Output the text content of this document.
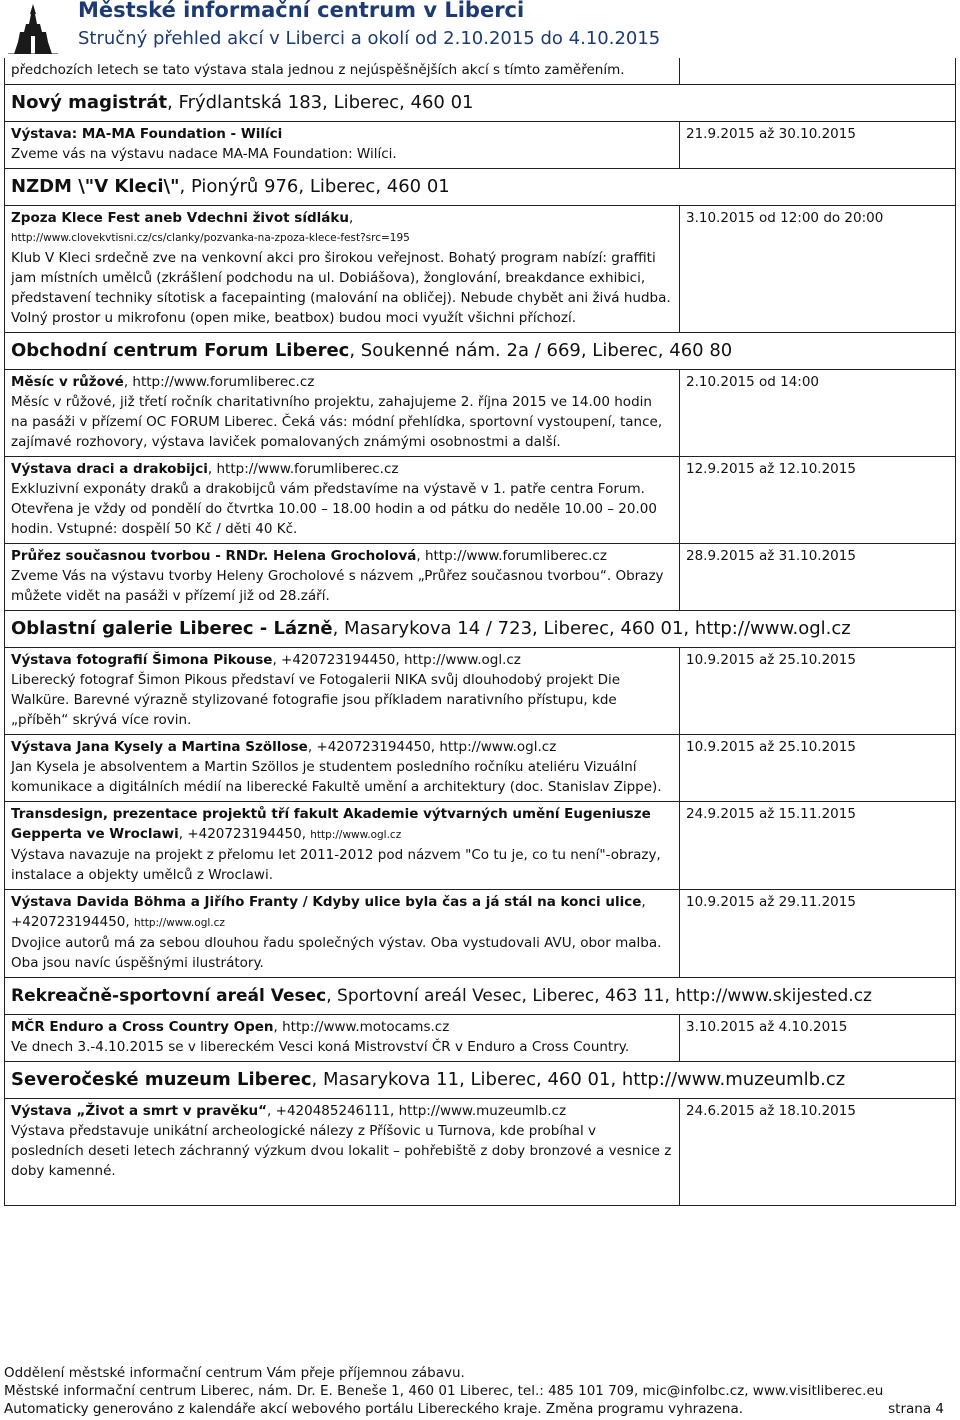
Městské informační centrum v Liberci
Stručný přehled akcí v Liberci a okolí od 2.10.2015 do 4.10.2015
předchozích letech se tato výstava stala jednou z nejúspěšnějších akcí s tímto zaměřením.
Nový magistrát, Frýdlantská 183, Liberec, 460 01
Výstava: MA-MA Foundation - Wilíci
Zveme vás na výstavu nadace MA-MA Foundation: Wilíci.
21.9.2015 až 30.10.2015
NZDM \"V Kleci\", Pionýrů 976, Liberec, 460 01
Zpoza Klece Fest aneb Vdechni život sídláku,
http://www.clovekvtisni.cz/cs/clanky/pozvanka-na-zpoza-klece-fest?src=195
Klub V Kleci srdečně zve na venkovní akci pro širokou veřejnost. Bohatý program nabízí: graffiti jam místních umělců (zkrášlení podchodu na ul. Dobiášova), žonglování, breakdance exhibici, představení techniky sítotisk a facepainting (malování na obličej). Nebude chybět ani živá hudba. Volný prostor u mikrofonu (open mike, beatbox) budou moci využít všichni příchozí.
3.10.2015 od 12:00 do 20:00
Obchodní centrum Forum Liberec, Soukenné nám. 2a / 669, Liberec, 460 80
Měsíc v růžové, http://www.forumliberec.cz
Měsíc v růžové, již třetí ročník charitativního projektu, zahajujeme 2. října 2015 ve 14.00 hodin na pasáži v přízemí OC FORUM Liberec. Čeká vás: módní přehlídka, sportovní vystoupení, tance, zajímavé rozhovory, výstava laviček pomalovaných známými osobnostmi a další.
2.10.2015 od 14:00
Výstava draci a drakobijci, http://www.forumliberec.cz
Exkluzivní exponáty draků a drakobijců vám představíme na výstavě v 1. patře centra Forum. Otevřena je vždy od pondělí do čtvrtka 10.00 – 18.00 hodin a od pátku do neděle 10.00 – 20.00 hodin. Vstupné: dospělí 50 Kč / děti 40 Kč.
12.9.2015 až 12.10.2015
Průřez současnou tvorbou - RNDr. Helena Grocholová, http://www.forumliberec.cz
Zveme Vás na výstavu tvorby Heleny Grocholové s názvem „Průřez současnou tvorbou“. Obrazy můžete vidět na pasáži v přízemí již od 28.září.
28.9.2015 až 31.10.2015
Oblastní galerie Liberec - Lázně, Masarykova 14 / 723, Liberec, 460 01, http://www.ogl.cz
Výstava fotografií Šimona Pikouse, +420723194450, http://www.ogl.cz
Liberecký fotograf Šimon Pikous představí ve Fotogalerii NIKA svůj dlouhodobý projekt Die Walküre. Barevné výrazně stylizované fotografie jsou příkladem narativního přístupu, kde „příběh“ skrývá více rovin.
10.9.2015 až 25.10.2015
Výstava Jana Kysely a Martina Szöllose, +420723194450, http://www.ogl.cz
Jan Kysela je absolventem a Martin Szöllos je studentem posledního ročníku ateliéru Vizuální komunikace a digitálních médií na liberecké Fakultě umění a architektury (doc. Stanislav Zippe).
10.9.2015 až 25.10.2015
Transdesign, prezentace projektů tří fakult Akademie výtvarných umění Eugeniusze Gepperta ve Wroclawi, +420723194450, http://www.ogl.cz
Výstava navazuje na projekt z přelomu let 2011-2012 pod názvem "Co tu je, co tu není"-obrazy, instalace a objekty umělců z Wroclawi.
24.9.2015 až 15.11.2015
Výstava Davida Böhma a Jiřího Franty / Kdyby ulice byla čas a já stál na konci ulice, +420723194450, http://www.ogl.cz
Dvojice autorů má za sebou dlouhou řadu společných výstav. Oba vystudovali AVU, obor malba. Oba jsou navíc úspěšnými ilustrátory.
10.9.2015 až 29.11.2015
Rekreačně-sportovní areál Vesec, Sportovní areál Vesec, Liberec, 463 11, http://www.skijested.cz
MČR Enduro a Cross Country Open, http://www.motocams.cz
Ve dnech 3.-4.10.2015 se v libereckém Vesci koná Mistrovství ČR v Enduro a Cross Country.
3.10.2015 až 4.10.2015
Severočeské muzeum Liberec, Masarykova 11, Liberec, 460 01, http://www.muzeumlb.cz
Výstava „Život a smrt v pravěku“, +420485246111, http://www.muzeumlb.cz
Výstava představuje unikátní archeologické nálezy z Příšovic u Turnova, kde probíhal v posledních deseti letech záchranný výzkum dvou lokalit – pohřebiště z doby bronzové a vesnice z doby kamenné.
24.6.2015 až 18.10.2015
Oddělení městské informační centrum Vám přeje příjemnou zábavu.
Městské informační centrum Liberec, nám. Dr. E. Beneše 1, 460 01 Liberec, tel.: 485 101 709, mic@infolbc.cz, www.visitliberec.eu
Automaticky generováno z kalendáře akcí webového portálu Libereckého kraje. Změna programu vyhrazena.	strana 4
